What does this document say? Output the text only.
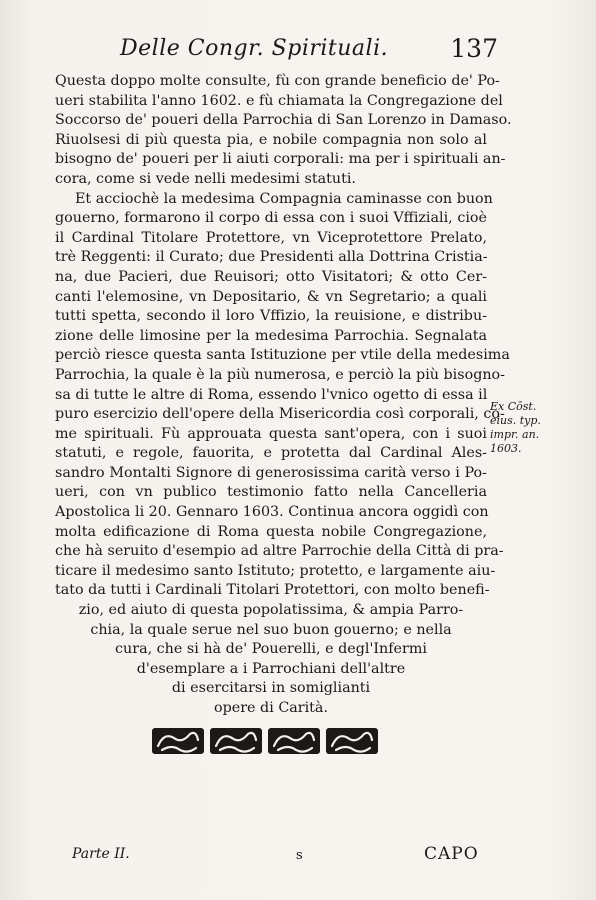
Delle Congr. Spirituali. 137

Questa doppo molte consulte, fù con grande beneficio de' Po-
ueri stabilita l'anno 1602. e fù chiamata la Congregazione del
Soccorso de' poueri della Parrochia di San Lorenzo in Damaso.
Riuolsesi di più questa pia, e nobile compagnia non solo al
bisogno de' poueri per li aiuti corporali: ma per i spirituali an-
cora, come si vede nelli medesimi statuti.

Et acciochè la medesima Compagnia caminasse con buon
gouerno, formarono il corpo di essa con i suoi Vffiziali, cioè
il Cardinal Titolare Protettore, vn Viceprotettore Prelato,
trè Reggenti: il Curato; due Presidenti alla Dottrina Cristia-
na, due Pacieri, due Reuisori; otto Visitatori; & otto Cer-
canti l'elemosine, vn Depositario, & vn Segretario; a quali
tutti spetta, secondo il loro Vffizio, la reuisione, e distribu-
zione delle limosine per la medesima Parrochia. Segnalata
perciò riesce questa santa Istituzione per vtile della medesima
Parrochia, la quale è la più numerosa, e perciò la più bisogno-
sa di tutte le altre di Roma, essendo l'vnico ogetto di essa il
puro esercizio dell'opere della Misericordia così corporali, co-
me spirituali. Fù approuata questa sant'opera, con i suoi
statuti, e regole, fauorita, e protetta dal Cardinal Ales-
sandro Montalti Signore di generosissima carità verso i Po-
ueri, con vn publico testimonio fatto nella Cancelleria
Apostolica li 20. Gennaro 1603. Continua ancora oggidì con
molta edificazione di Roma questa nobile Congregazione,
che hà seruito d'esempio ad altre Parrochie della Città di pra-
ticare il medesimo santo Istituto; protetto, e largamente aiu-
tato da tutti i Cardinali Titolari Protettori, con molto benefi-
zio, ed aiuto di questa popolatissima, & ampia Parro-
chia, la quale serue nel suo buon gouerno; e nella
cura, che si hà de' Pouerelli, e degl'Infermi
d'esemplare a i Parrochiani dell'altre
di esercitarsi in somiglianti
opere di Carità.

Ex Cōst.
eius. typ.
impr. an.
1603.
Parte II.	s	CAPO
